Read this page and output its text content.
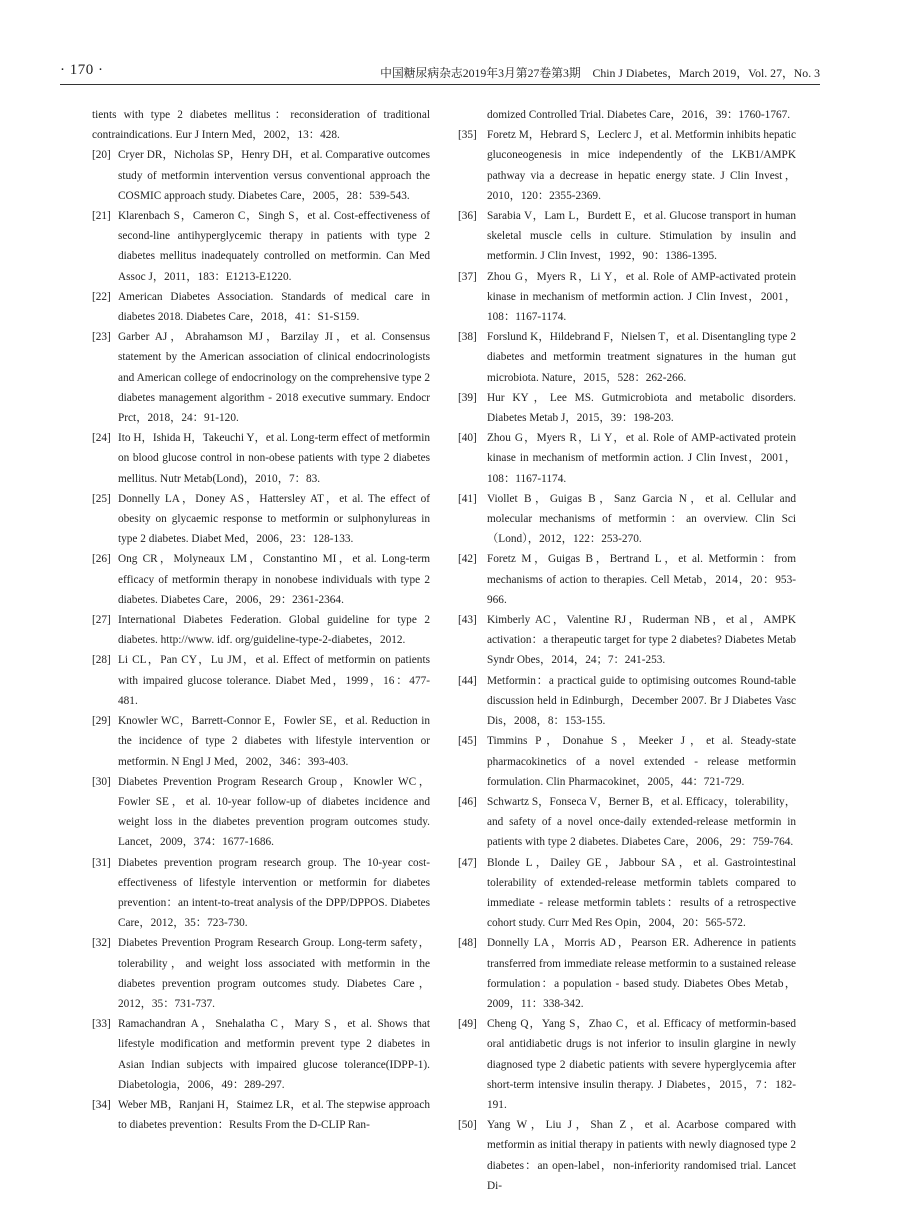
· 170 ·	中国糖尿病杂志2019年3月第27卷第3期　Chin J Diabetes，March 2019，Vol. 27，No. 3
tients with type 2 diabetes mellitus：reconsideration of traditional contraindications. Eur J Intern Med，2002，13：428.
[20] Cryer DR，Nicholas SP，Henry DH，et al. Comparative outcomes study of metformin intervention versus conventional approach the COSMIC approach study. Diabetes Care，2005，28：539-543.
[21] Klarenbach S，Cameron C，Singh S，et al. Cost-effectiveness of second-line antihyperglycemic therapy in patients with type 2 diabetes mellitus inadequately controlled on metformin. Can Med Assoc J，2011，183：E1213-E1220.
[22] American Diabetes Association. Standards of medical care in diabetes 2018. Diabetes Care，2018，41：S1-S159.
[23] Garber AJ，Abrahamson MJ，Barzilay JI，et al. Consensus statement by the American association of clinical endocrinologists and American college of endocrinology on the comprehensive type 2 diabetes management algorithm - 2018 executive summary. Endocr Prct，2018，24：91-120.
[24] Ito H，Ishida H，Takeuchi Y，et al. Long-term effect of metformin on blood glucose control in non-obese patients with type 2 diabetes mellitus. Nutr Metab(Lond)，2010，7：83.
[25] Donnelly LA，Doney AS，Hattersley AT，et al. The effect of obesity on glycaemic response to metformin or sulphonylureas in type 2 diabetes. Diabet Med，2006，23：128-133.
[26] Ong CR，Molyneaux LM，Constantino MI，et al. Long-term efficacy of metformin therapy in nonobese individuals with type 2 diabetes. Diabetes Care，2006，29：2361-2364.
[27] International Diabetes Federation. Global guideline for type 2 diabetes. http://www. idf. org/guideline-type-2-diabetes，2012.
[28] Li CL，Pan CY，Lu JM，et al. Effect of metformin on patients with impaired glucose tolerance. Diabet Med，1999，16：477-481.
[29] Knowler WC，Barrett-Connor E，Fowler SE，et al. Reduction in the incidence of type 2 diabetes with lifestyle intervention or metformin. N Engl J Med，2002，346：393-403.
[30] Diabetes Prevention Program Research Group，Knowler WC，Fowler SE，et al. 10-year follow-up of diabetes incidence and weight loss in the diabetes prevention program outcomes study. Lancet，2009，374：1677-1686.
[31] Diabetes prevention program research group. The 10-year cost-effectiveness of lifestyle intervention or metformin for diabetes prevention：an intent-to-treat analysis of the DPP/DPPOS. Diabetes Care，2012，35：723-730.
[32] Diabetes Prevention Program Research Group. Long-term safety，tolerability，and weight loss associated with metformin in the diabetes prevention program outcomes study. Diabetes Care，2012，35：731-737.
[33] Ramachandran A，Snehalatha C，Mary S，et al. Shows that lifestyle modification and metformin prevent type 2 diabetes in Asian Indian subjects with impaired glucose tolerance(IDPP-1). Diabetologia，2006，49：289-297.
[34] Weber MB，Ranjani H，Staimez LR，et al. The stepwise approach to diabetes prevention：Results From the D-CLIP Ran-
domized Controlled Trial. Diabetes Care，2016，39：1760-1767.
[35] Foretz M，Hebrard S，Leclerc J，et al. Metformin inhibits hepatic gluconeogenesis in mice independently of the LKB1/AMPK pathway via a decrease in hepatic energy state. J Clin Invest，2010，120：2355-2369.
[36] Sarabia V，Lam L，Burdett E，et al. Glucose transport in human skeletal muscle cells in culture. Stimulation by insulin and metformin. J Clin Invest，1992，90：1386-1395.
[37] Zhou G，Myers R，Li Y，et al. Role of AMP-activated protein kinase in mechanism of metformin action. J Clin Invest，2001，108：1167-1174.
[38] Forslund K，Hildebrand F，Nielsen T，et al. Disentangling type 2 diabetes and metformin treatment signatures in the human gut microbiota. Nature，2015，528：262-266.
[39] Hur KY，Lee MS. Gutmicrobiota and metabolic disorders. Diabetes Metab J，2015，39：198-203.
[40] Zhou G，Myers R，Li Y，et al. Role of AMP-activated protein kinase in mechanism of metformin action. J Clin Invest，2001，108：1167-1174.
[41] Viollet B，Guigas B，Sanz Garcia N，et al. Cellular and molecular mechanisms of metformin：an overview. Clin Sci（Lond），2012，122：253-270.
[42] Foretz M，Guigas B，Bertrand L，et al. Metformin：from mechanisms of action to therapies. Cell Metab，2014，20：953-966.
[43] Kimberly AC，Valentine RJ，Ruderman NB，et al，AMPK activation：a therapeutic target for type 2 diabetes? Diabetes Metab Syndr Obes，2014，24；7：241-253.
[44] Metformin：a practical guide to optimising outcomes Round-table discussion held in Edinburgh，December 2007. Br J Diabetes Vasc Dis，2008，8：153-155.
[45] Timmins P，Donahue S，Meeker J，et al. Steady-state pharmacokinetics of a novel extended - release metformin formulation. Clin Pharmacokinet，2005，44：721-729.
[46] Schwartz S，Fonseca V，Berner B，et al. Efficacy，tolerability，and safety of a novel once-daily extended-release metformin in patients with type 2 diabetes. Diabetes Care，2006，29：759-764.
[47] Blonde L，Dailey GE，Jabbour SA，et al. Gastrointestinal tolerability of extended-release metformin tablets compared to immediate - release metformin tablets：results of a retrospective cohort study. Curr Med Res Opin，2004，20：565-572.
[48] Donnelly LA，Morris AD，Pearson ER. Adherence in patients transferred from immediate release metformin to a sustained release formulation：a population - based study. Diabetes Obes Metab，2009，11：338-342.
[49] Cheng Q，Yang S，Zhao C，et al. Efficacy of metformin-based oral antidiabetic drugs is not inferior to insulin glargine in newly diagnosed type 2 diabetic patients with severe hyperglycemia after short-term intensive insulin therapy. J Diabetes，2015，7：182-191.
[50] Yang W，Liu J，Shan Z，et al. Acarbose compared with metformin as initial therapy in patients with newly diagnosed type 2 diabetes：an open-label，non-inferiority randomised trial. Lancet Di-
